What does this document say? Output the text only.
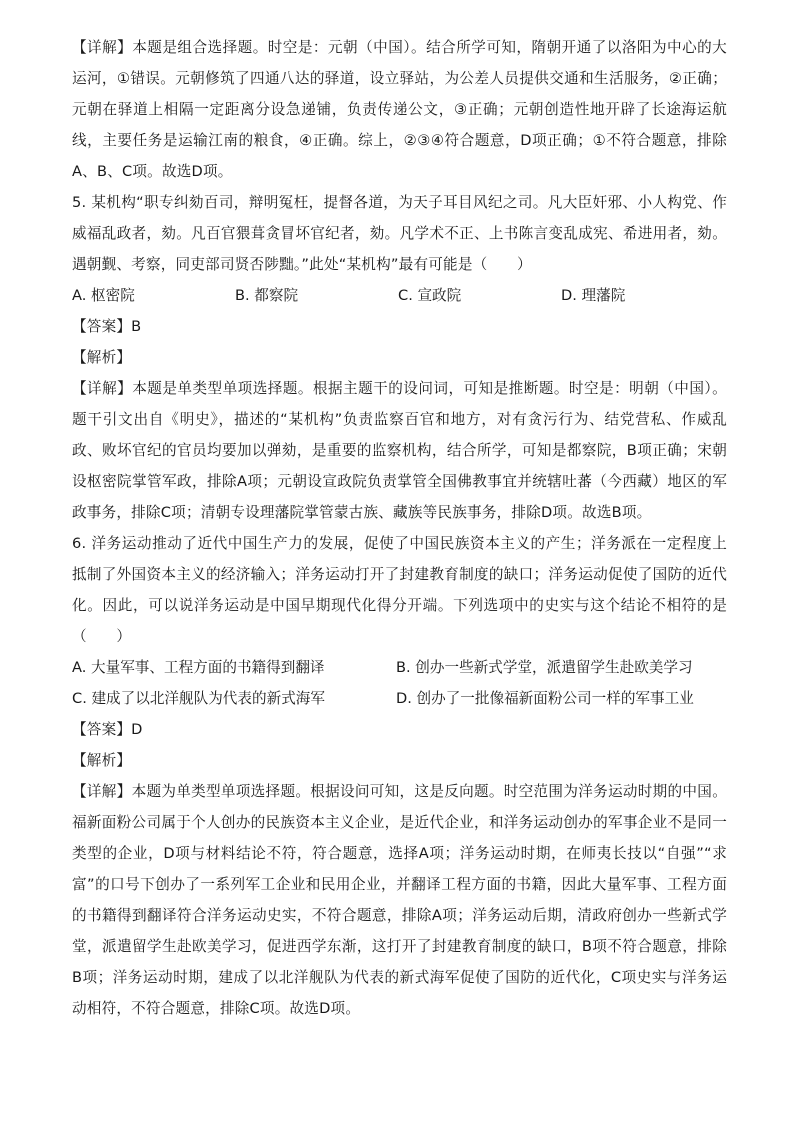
【详解】本题是组合选择题。时空是：元朝（中国）。结合所学可知，隋朝开通了以洛阳为中心的大运河，①错误。元朝修筑了四通八达的驿道，设立驿站，为公差人员提供交通和生活服务，②正确；元朝在驿道上相隔一定距离分设急递铺，负责传递公文，③正确；元朝创造性地开辟了长途海运航线，主要任务是运输江南的粮食，④正确。综上，②③④符合题意，D项正确；①不符合题意，排除A、B、C项。故选D项。

5. 某机构“职专纠劾百司，辩明冤枉，提督各道，为天子耳目风纪之司。凡大臣奸邪、小人构党、作威福乱政者，劾。凡百官猥葺贪冒坏官纪者，劾。凡学术不正、上书陈言变乱成宪、希进用者，劾。遇朝觐、考察，同吏部司贤否陟黜。”此处“某机构”最有可能是（　　）

A. 枢密院	B. 都察院	C. 宣政院	D. 理藩院

【答案】B

【解析】

【详解】本题是单类型单项选择题。根据主题干的设问词，可知是推断题。时空是：明朝（中国）。题干引文出自《明史》，描述的“某机构”负责监察百官和地方，对有贪污行为、结党营私、作威乱政、败坏官纪的官员均要加以弹劾，是重要的监察机构，结合所学，可知是都察院，B项正确；宋朝设枢密院掌管军政，排除A项；元朝设宣政院负责掌管全国佛教事宜并统辖吐蕃（今西藏）地区的军政事务，排除C项；清朝专设理藩院掌管蒙古族、藏族等民族事务，排除D项。故选B项。

6. 洋务运动推动了近代中国生产力的发展，促使了中国民族资本主义的产生；洋务派在一定程度上抵制了外国资本主义的经济输入；洋务运动打开了封建教育制度的缺口；洋务运动促使了国防的近代化。因此，可以说洋务运动是中国早期现代化得分开端。下列选项中的史实与这个结论不相符的是（　　）

A. 大量军事、工程方面的书籍得到翻译	B. 创办一些新式学堂，派遣留学生赴欧美学习
C. 建成了以北洋舰队为代表的新式海军	D. 创办了一批像福新面粉公司一样的军事工业

【答案】D

【解析】

【详解】本题为单类型单项选择题。根据设问可知，这是反向题。时空范围为洋务运动时期的中国。福新面粉公司属于个人创办的民族资本主义企业，是近代企业，和洋务运动创办的军事企业不是同一类型的企业，D项与材料结论不符，符合题意，选择A项；洋务运动时期，在师夷长技以“自强”“求富”的口号下创办了一系列军工企业和民用企业，并翻译工程方面的书籍，因此大量军事、工程方面的书籍得到翻译符合洋务运动史实，不符合题意，排除A项；洋务运动后期，清政府创办一些新式学堂，派遣留学生赴欧美学习，促进西学东渐，这打开了封建教育制度的缺口，B项不符合题意，排除B项；洋务运动时期，建成了以北洋舰队为代表的新式海军促使了国防的近代化，C项史实与洋务运动相符，不符合题意，排除C项。故选D项。
